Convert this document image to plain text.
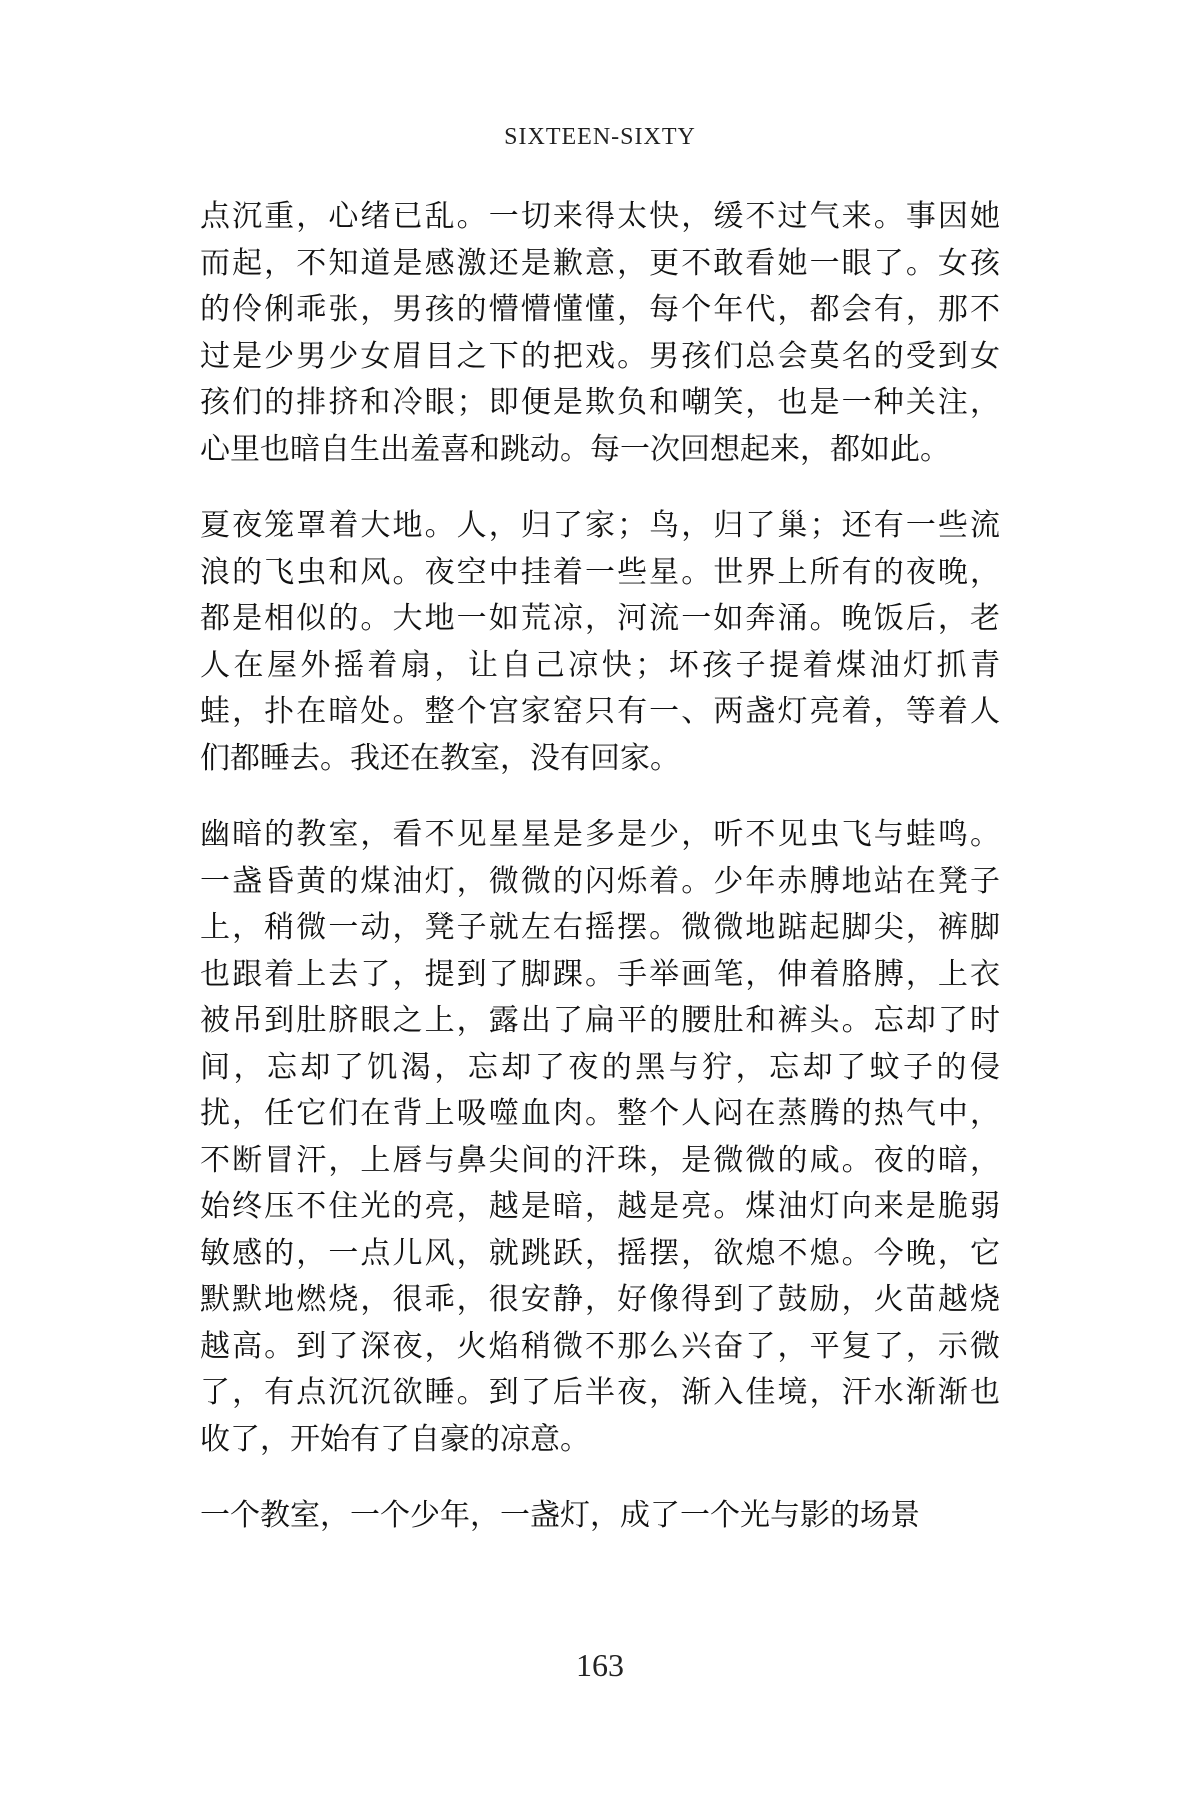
SIXTEEN-SIXTY
点沉重，心绪已乱。一切来得太快，缓不过气来。事因她
而起，不知道是感激还是歉意，更不敢看她一眼了。女孩
的伶俐乖张，男孩的懵懵懂懂，每个年代，都会有，那不
过是少男少女眉目之下的把戏。男孩们总会莫名的受到女
孩们的排挤和冷眼；即便是欺负和嘲笑，也是一种关注，
心里也暗自生出羞喜和跳动。每一次回想起来，都如此。
夏夜笼罩着大地。人，归了家；鸟，归了巢；还有一些流
浪的飞虫和风。夜空中挂着一些星。世界上所有的夜晚，
都是相似的。大地一如荒凉，河流一如奔涌。晚饭后，老
人在屋外摇着扇，让自己凉快；坏孩子提着煤油灯抓青
蛙，扑在暗处。整个宫家窑只有一、两盏灯亮着，等着人
们都睡去。我还在教室，没有回家。
幽暗的教室，看不见星星是多是少，听不见虫飞与蛙鸣。
一盏昏黄的煤油灯，微微的闪烁着。少年赤膊地站在凳子
上，稍微一动，凳子就左右摇摆。微微地踮起脚尖，裤脚
也跟着上去了，提到了脚踝。手举画笔，伸着胳膊，上衣
被吊到肚脐眼之上，露出了扁平的腰肚和裤头。忘却了时
间，忘却了饥渴，忘却了夜的黑与狞，忘却了蚊子的侵
扰，任它们在背上吸噬血肉。整个人闷在蒸腾的热气中，
不断冒汗，上唇与鼻尖间的汗珠，是微微的咸。夜的暗，
始终压不住光的亮，越是暗，越是亮。煤油灯向来是脆弱
敏感的，一点儿风，就跳跃，摇摆，欲熄不熄。今晚，它
默默地燃烧，很乖，很安静，好像得到了鼓励，火苗越烧
越高。到了深夜，火焰稍微不那么兴奋了，平复了，示微
了，有点沉沉欲睡。到了后半夜，渐入佳境，汗水渐渐也
收了，开始有了自豪的凉意。
一个教室，一个少年，一盏灯，成了一个光与影的场景
163
